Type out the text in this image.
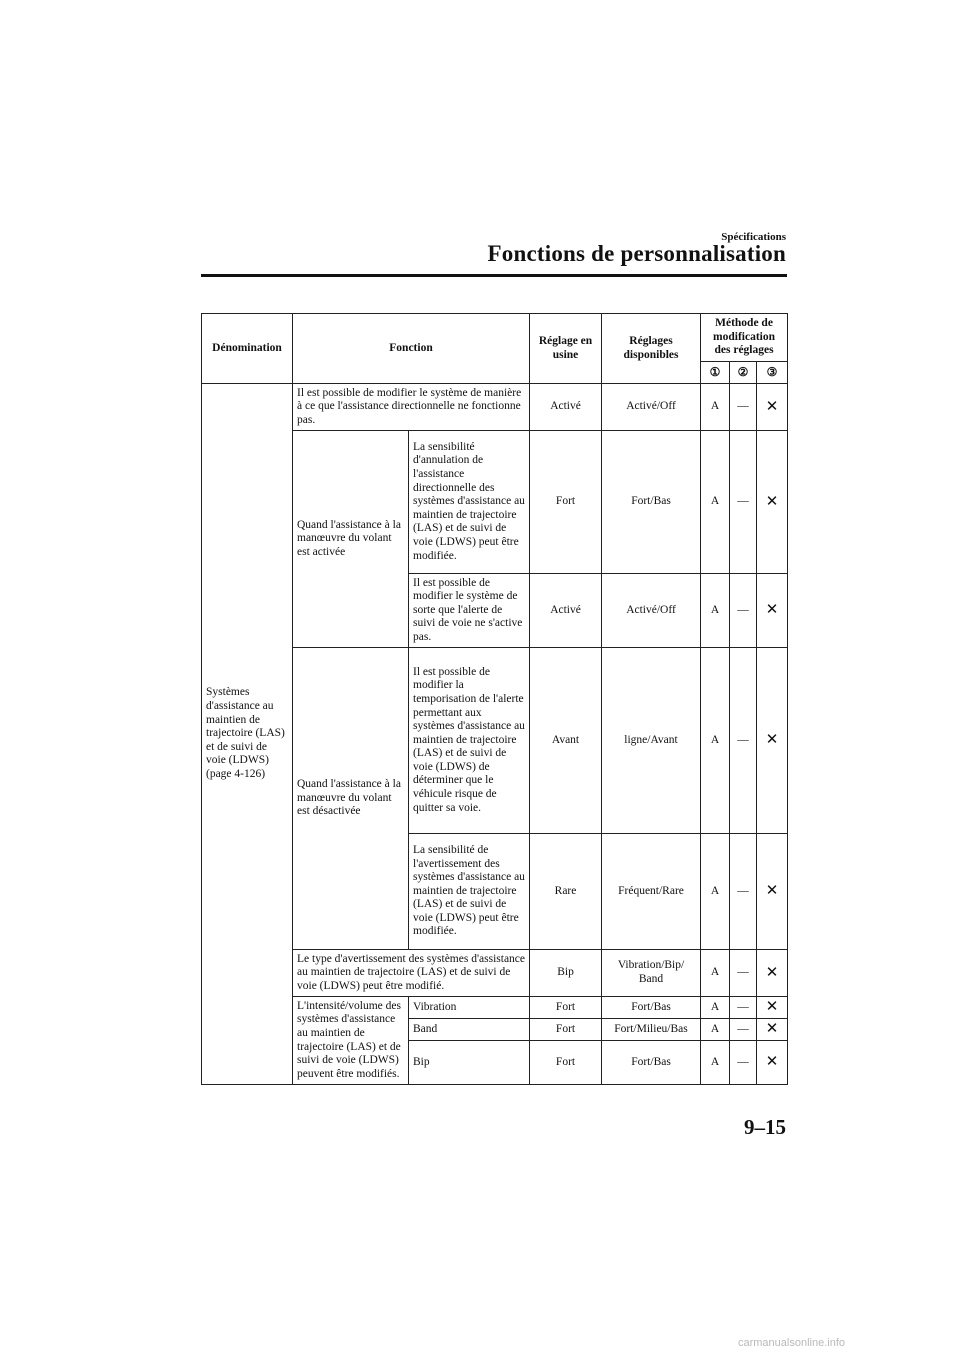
Spécifications
Fonctions de personnalisation
Dénomination	Fonction		Réglage en usine	Réglages disponibles	Méthode de modification des réglages		
					①	②	③
Systèmes d'assistance au maintien de trajectoire (LAS) et de suivi de voie (LDWS) (page 4-126)	Il est possible de modifier le système de manière à ce que l'assistance directionnelle ne fonctionne pas.		Activé	Activé/Off	A	—	✕
	Quand l'assistance à la manœuvre du volant est activée	La sensibilité d'annulation de l'assistance directionnelle des systèmes d'assistance au maintien de trajectoire (LAS) et de suivi de voie (LDWS) peut être modifiée.	Fort	Fort/Bas	A	—	✕
		Il est possible de modifier le système de sorte que l'alerte de suivi de voie ne s'active pas.	Activé	Activé/Off	A	—	✕
	Quand l'assistance à la manœuvre du volant est désactivée	Il est possible de modifier la temporisation de l'alerte permettant aux systèmes d'assistance au maintien de trajectoire (LAS) et de suivi de voie (LDWS) de déterminer que le véhicule risque de quitter sa voie.	Avant	ligne/Avant	A	—	✕
		La sensibilité de l'avertissement des systèmes d'assistance au maintien de trajectoire (LAS) et de suivi de voie (LDWS) peut être modifiée.	Rare	Fréquent/Rare	A	—	✕
	Le type d'avertissement des systèmes d'assistance au maintien de trajectoire (LAS) et de suivi de voie (LDWS) peut être modifié.		Bip	Vibration/Bip/ Band	A	—	✕
	L'intensité/volume des systèmes d'assistance au maintien de trajectoire (LAS) et de suivi de voie (LDWS) peuvent être modifiés.	Vibration	Fort	Fort/Bas	A	—	✕
		Band	Fort	Fort/Milieu/Bas	A	—	✕
		Bip	Fort	Fort/Bas	A	—	✕
9–15
carmanualsonline.info
